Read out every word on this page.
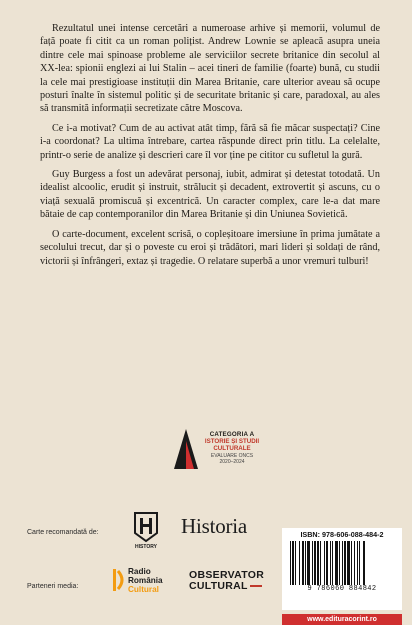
Rezultatul unei intense cercetări a numeroase arhive și memorii, volumul de față poate fi citit ca un roman polițist. Andrew Lownie se apleacă asupra uneia dintre cele mai spinoase probleme ale serviciilor secrete britanice din secolul al XX-lea: spionii englezi ai lui Stalin – acei tineri de familie (foarte) bună, cu studii la cele mai prestigioase instituții din Marea Britanie, care ulterior aveau să ocupe posturi înalte în sistemul politic și de securitate britanic și care, paradoxal, au ales să transmită informații secretizate către Moscova.

Ce i-a motivat? Cum de au activat atât timp, fără să fie măcar suspectați? Cine i-a coordonat? La ultima întrebare, cartea răspunde direct prin titlu. La celelalte, printr-o serie de analize și descrieri care îl vor ține pe cititor cu sufletul la gură.

Guy Burgess a fost un adevărat personaj, iubit, admirat și detestat totodată. Un idealist alcoolic, erudit și instruit, strălucit și decadent, extrovertit și ascuns, cu o viață sexuală promiscuă și excentrică. Un caracter complex, care le-a dat mare bătaie de cap contemporanilor din Marea Britanie și din Uniunea Sovietică.

O carte-document, excelent scrisă, o copleșitoare imersiune în prima jumătate a secolului trecut, dar și o poveste cu eroi și trădători, mari lideri și soldați de rând, victorii și înfrângeri, extaz și tragedie. O relatare superbă a unor vremuri tulburi!

CATEGORIA A
ISTORIE ȘI STUDII CULTURALE
EVALUARE ONCS
2020–2024
Carte recomandată de:
HISTORY
Historia
Parteneri media:
Radio
România
Cultural
OBSERVATOR
CULTURAL
ISBN: 978-606-088-484-2
9 786060 884842
www.edituracorint.ro
